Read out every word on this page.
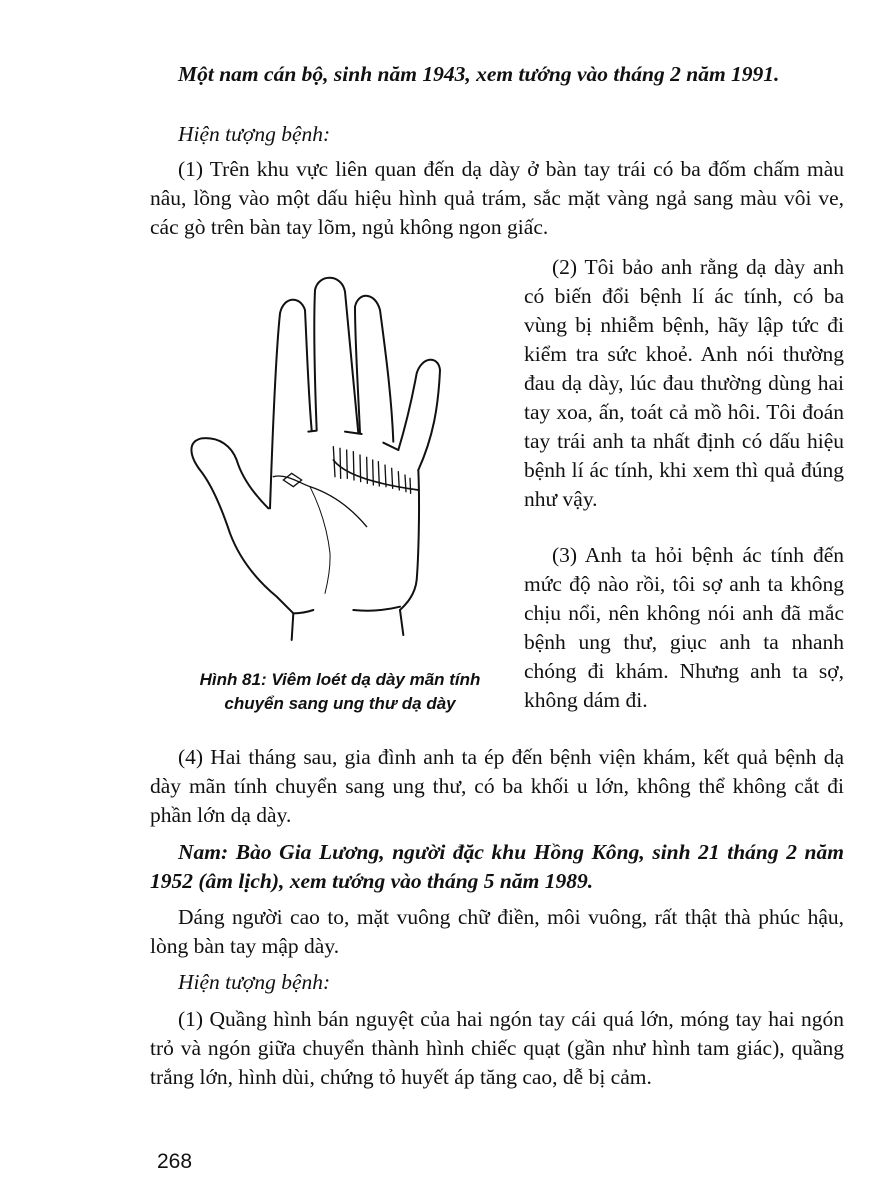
Một nam cán bộ, sinh năm 1943, xem tướng vào tháng 2 năm 1991.

Hiện tượng bệnh:

(1) Trên khu vực liên quan đến dạ dày ở bàn tay trái có ba đốm chấm màu nâu, lồng vào một dấu hiệu hình quả trám, sắc mặt vàng ngả sang màu vôi ve, các gò trên bàn tay lõm, ngủ không ngon giấc.

Hình 81: Viêm loét dạ dày mãn tính
chuyển sang ung thư dạ dày

(2) Tôi bảo anh rằng dạ dày anh có biến đổi bệnh lí ác tính, có ba vùng bị nhiễm bệnh, hãy lập tức đi kiểm tra sức khoẻ. Anh nói thường đau dạ dày, lúc đau thường dùng hai tay xoa, ấn, toát cả mồ hôi. Tôi đoán tay trái anh ta nhất định có dấu hiệu bệnh lí ác tính, khi xem thì quả đúng như vậy.

(3) Anh ta hỏi bệnh ác tính đến mức độ nào rồi, tôi sợ anh ta không chịu nổi, nên không nói anh đã mắc bệnh ung thư, giục anh ta nhanh chóng đi khám. Nhưng anh ta sợ, không dám đi.

(4) Hai tháng sau, gia đình anh ta ép đến bệnh viện khám, kết quả bệnh dạ dày mãn tính chuyển sang ung thư, có ba khối u lớn, không thể không cắt đi phần lớn dạ dày.

Nam: Bào Gia Lương, người đặc khu Hồng Kông, sinh 21 tháng 2 năm 1952 (âm lịch), xem tướng vào tháng 5 năm 1989.

Dáng người cao to, mặt vuông chữ điền, môi vuông, rất thật thà phúc hậu, lòng bàn tay mập dày.

Hiện tượng bệnh:

(1) Quầng hình bán nguyệt của hai ngón tay cái quá lớn, móng tay hai ngón trỏ và ngón giữa chuyển thành hình chiếc quạt (gần như hình tam giác), quầng trắng lớn, hình dùi, chứng tỏ huyết áp tăng cao, dễ bị cảm.

268
